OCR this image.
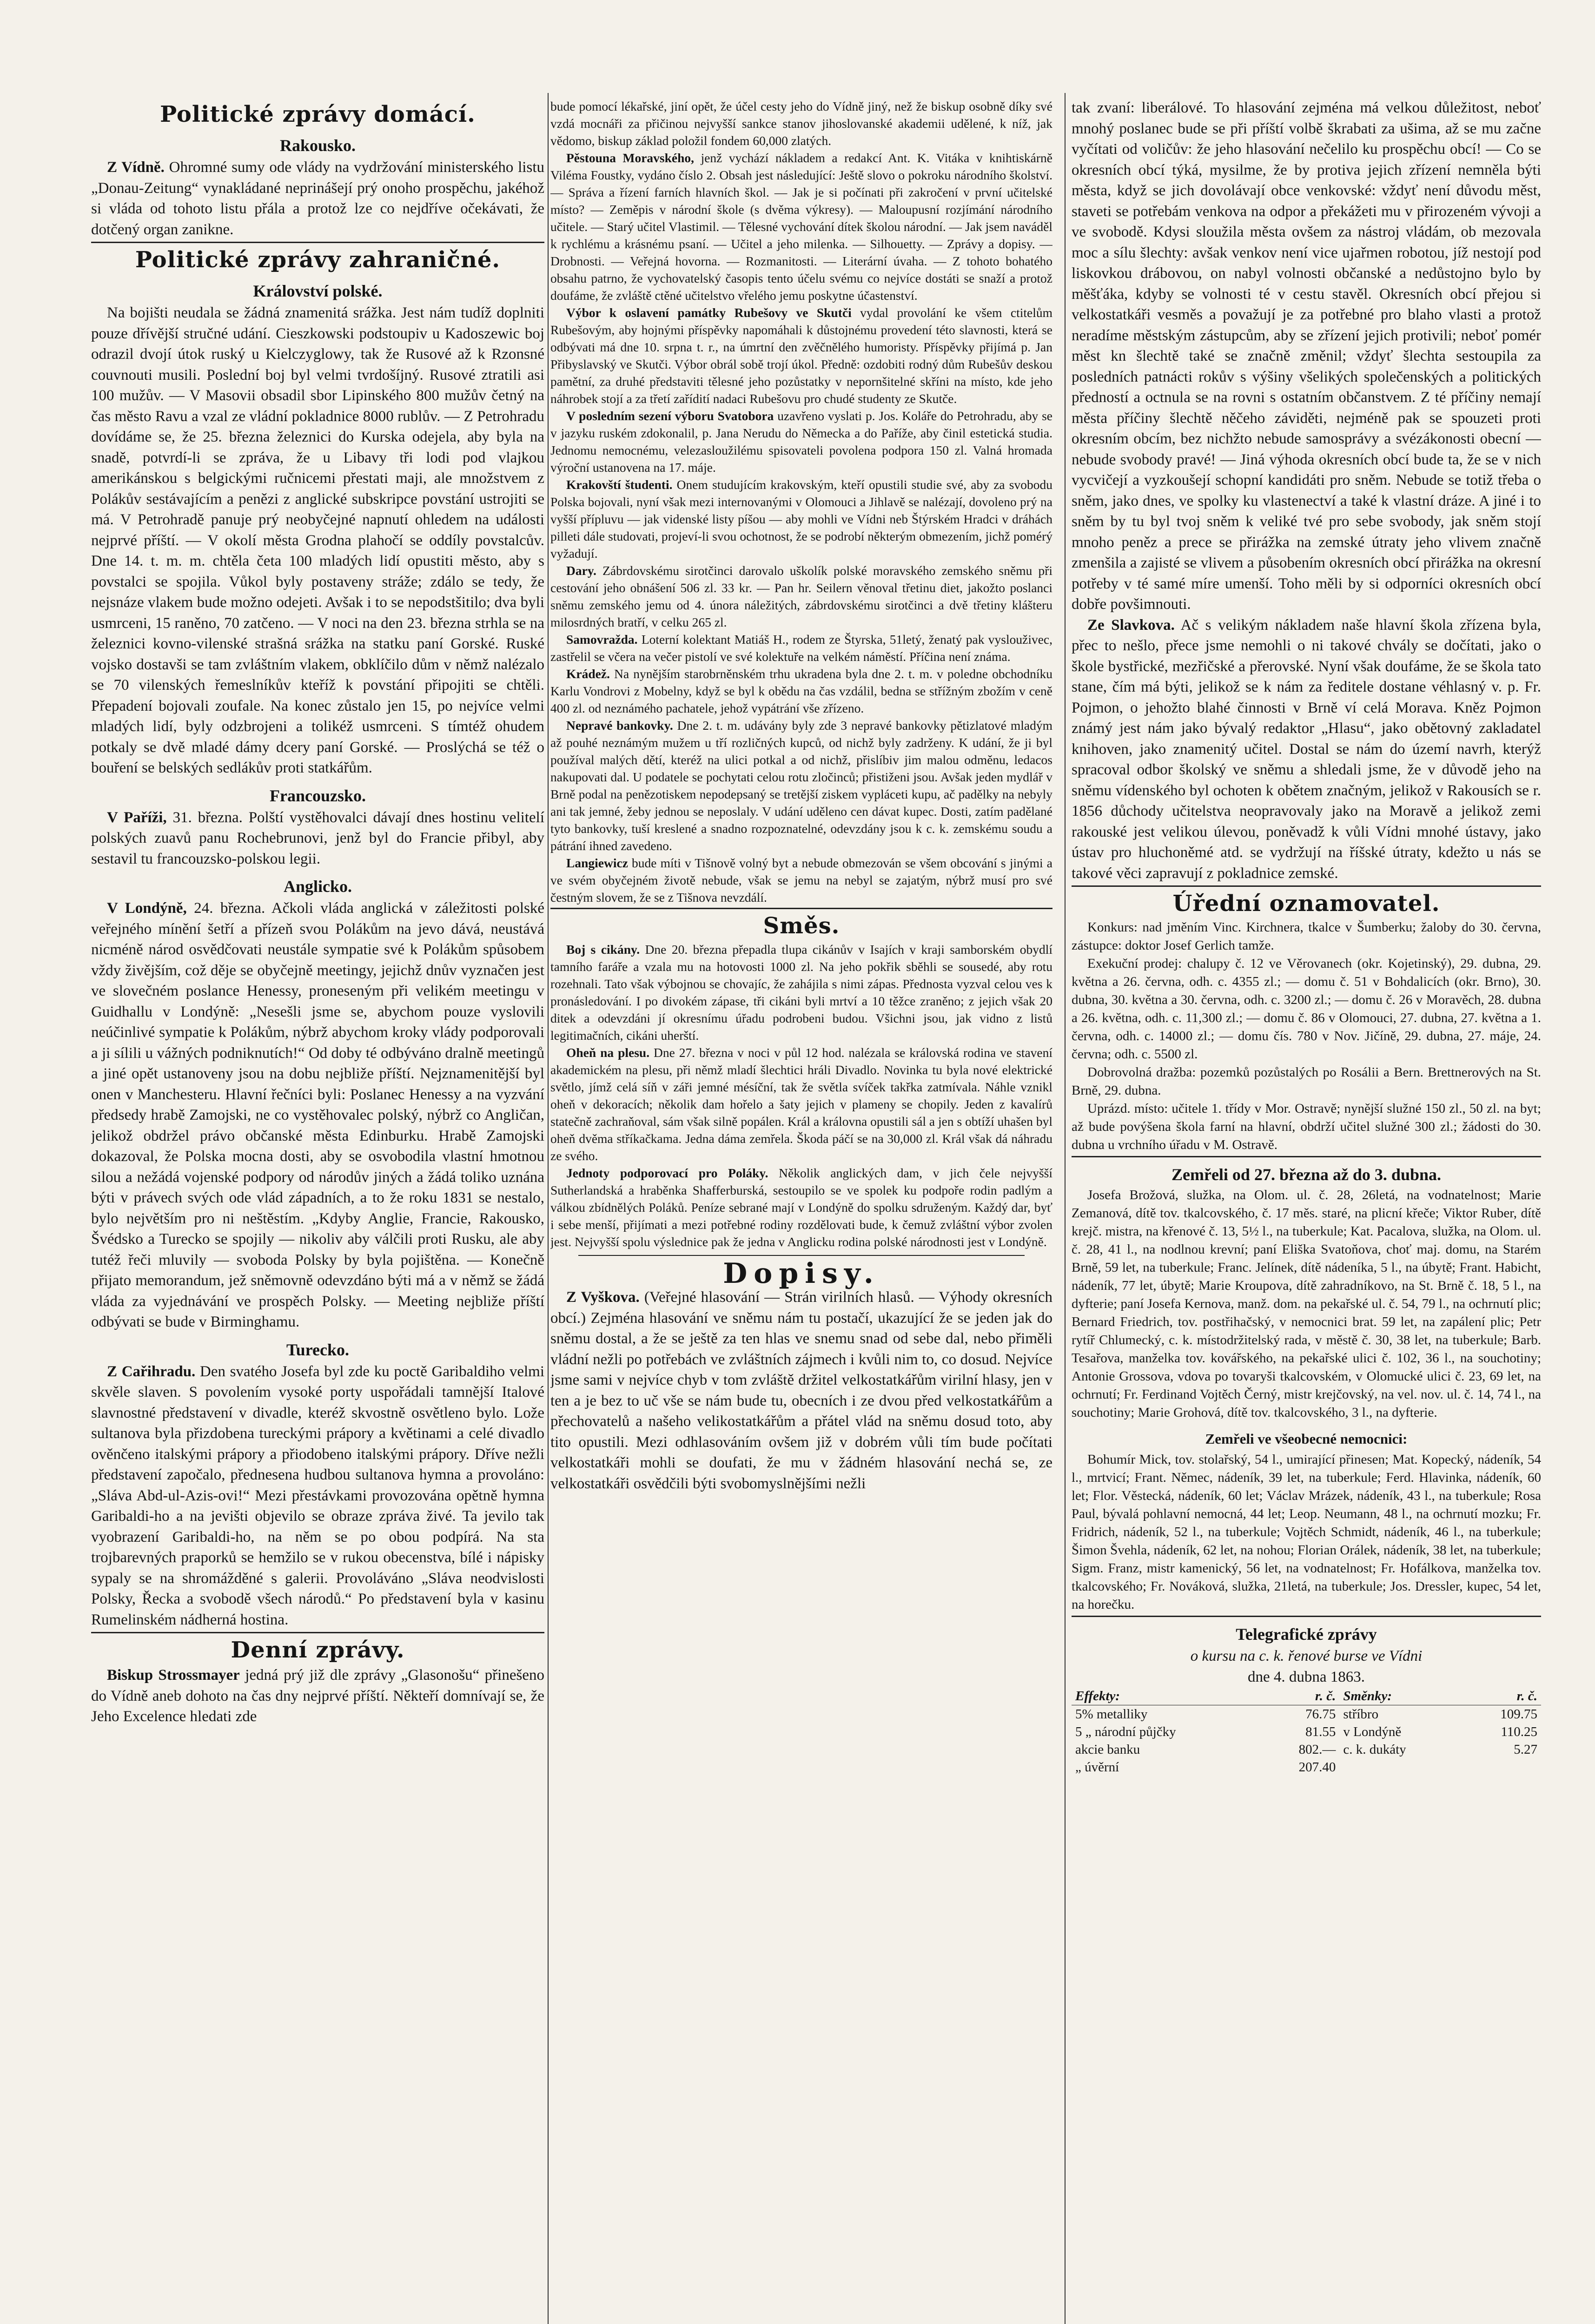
Politické zprávy domácí.
Rakousko.

Z Vídně. Ohromné sumy ode vlády na vydržování ministerského listu „Donau-Zeitung“ vynakládané neprinášejí prý onoho prospěchu, jakéhož si vláda od tohoto listu přála a protož lze co nejdříve očekávati, že dotčený organ zanikne.

Politické zprávy zahraničné.
Království polské.

Na bojišti neudala se žádná znamenitá srážka. Jest nám tudíž doplniti pouze dřívější stručné udání. Cieszkowski podstoupiv u Kadoszewic boj odrazil dvojí útok ruský u Kielczyglowy, tak že Rusové až k Rzonsné couvnouti musili. Poslední boj byl velmi tvrdošíjný. Rusové ztratili asi 100 mužův. — V Masovii obsadil sbor Lipinského 800 mužův četný na čas město Ravu a vzal ze vládní pokladnice 8000 rublův. — Z Petrohradu dovídáme se, že 25. března železnici do Kurska odejela, aby byla na snadě, potvrdí-li se zpráva, že u Libavy tři lodi pod vlajkou amerikánskou s belgickými ručnicemi přestati maji, ale množstvem z Polákův sestávajícím a penězi z anglické subskripce povstání ustrojiti se má. V Petrohradě panuje prý neobyčejné napnutí ohledem na události nejprvé příští. — V okolí města Grodna plahočí se oddíly povstalcův. Dne 14. t. m. m. chtěla četa 100 mladých lidí opustiti město, aby s povstalci se spojila. Vůkol byly postaveny stráže; zdálo se tedy, že nejsnáze vlakem bude možno odejeti. Avšak i to se nepodstšitilo; dva byli usmrceni, 15 raněno, 70 zatčeno. — V noci na den 23. března strhla se na železnici kovno-vilenské strašná srážka na statku paní Gorské. Ruské vojsko dostavši se tam zvláštním vlakem, obklíčilo dům v němž nalézalo se 70 vilenských řemeslníkův kteříž k povstání připojiti se chtěli. Přepadení bojovali zoufale. Na konec zůstalo jen 15, po nejvíce velmi mladých lidí, byly odzbrojeni a tolikéž usmrceni. S tímtéž ohudem potkaly se dvě mladé dámy dcery paní Gorské. — Proslýchá se též o bouření se belských sedlákův proti statkářům.

Francouzsko.

V Paříži, 31. března. Polští vystěhovalci dávají dnes hostinu velitelí polských zuavů panu Rochebrunovi, jenž byl do Francie přibyl, aby sestavil tu francouzsko-polskou legii.

Anglicko.

V Londýně, 24. března. Ačkoli vláda anglická v záležitosti polské veřejného mínění šetří a přízeň svou Polákům na jevo dává, neustává nicméně národ osvědčovati neustále sympatie své k Polákům spůsobem vždy živějším, což děje se obyčejně meetingy, jejichž dnův vyznačen jest ve slovečném poslance Henessy, proneseným při velikém meetingu v Guidhallu v Londýně: „Nesešli jsme se, abychom pouze vyslovili neúčinlivé sympatie k Polákům, nýbrž abychom kroky vlády podporovali a ji sílili u vážných podniknutích!“ Od doby té odbýváno dralně meetingů a jiné opět ustanoveny jsou na dobu nejbliže příští. Nejznamenitější byl onen v Manchesteru. Hlavní řečníci byli: Poslanec Henessy a na vyzvání předsedy hrabě Zamojski, ne co vystěhovalec polský, nýbrž co Angličan, jelikož obdržel právo občanské města Edinburku. Hrabě Zamojski dokazoval, že Polska mocna dosti, aby se osvobodila vlastní hmotnou silou a nežádá vojenské podpory od národův jiných a žádá toliko uznána býti v právech svých ode vlád západních, a to že roku 1831 se nestalo, bylo největším pro ni neštěstím. „Kdyby Anglie, Francie, Rakousko, Švédsko a Turecko se spojily — nikoliv aby válčili proti Rusku, ale aby tutéž řeči mluvily — svoboda Polsky by byla pojištěna. — Konečně přijato memorandum, jež sněmovně odevzdáno býti má a v němž se žádá vláda za vyjednávání ve prospěch Polsky. — Meeting nejbliže příští odbývati se bude v Birminghamu.

Turecko.

Z Cařihradu. Den svatého Josefa byl zde ku poctě Garibaldiho velmi skvěle slaven. S povolením vysoké porty uspořádali tamnější Italové slavnostné představení v divadle, kteréž skvostně osvětleno bylo. Lože sultanova byla přizdobena tureckými prápory a květinami a celé divadlo ověnčeno italskými prápory a přiodobeno italskými prápory. Dříve nežli představení započalo, přednesena hudbou sultanova hymna a provoláno: „Sláva Abd-ul-Azis-ovi!“ Mezi přestávkami provozována opětně hymna Garibaldi-ho a na jevišti objevilo se obraze zpráva živé. Ta jevilo tak vyobrazení Garibaldi-ho, na něm se po obou podpírá. Na sta trojbarevných praporků se hemžilo se v rukou obecenstva, bílé i nápisky sypaly se na shromážděné s galerii. Provoláváno „Sláva neodvislosti Polsky, Řecka a svobodě všech národů.“ Po představení byla v kasinu Rumelinském nádherná hostina.

Denní zprávy.

Biskup Strossmayer jedná prý již dle zprávy „Glasonošu“ přinešeno do Vídně aneb dohoto na čas dny nejprvé příští. Někteří domnívají se, že Jeho Excelence hledati zde

bude pomocí lékařské, jiní opět, že účel cesty jeho do Vídně jiný, než že biskup osobně díky své vzdá mocnáři za přičinou nejvyšší sankce stanov jihoslovanské akademii udělené, k níž, jak vědomo, biskup základ položil fondem 60,000 zlatých.

Pěstouna Moravského, jenž vychází nákladem a redakcí Ant. K. Vitáka v knihtiskárně Viléma Foustky, vydáno číslo 2. Obsah jest následující: Ještě slovo o pokroku národního školství. — Správa a řízení farních hlavních škol. — Jak je si počínati při zakročení v první učitelské místo? — Zeměpis v národní škole (s dvěma výkresy). — Maloupusní rozjímání národního učitele. — Starý učitel Vlastimil. — Tělesné vychování dítek školou národní. — Jak jsem naváděl k rychlému a krásnému psaní. — Učitel a jeho milenka. — Silhouetty. — Zprávy a dopisy. — Drobnosti. — Veřejná hovorna. — Rozmanitosti. — Literární úvaha. — Z tohoto bohatého obsahu patrno, že vychovatelský časopis tento účelu svému co nejvíce dostáti se snaží a protož doufáme, že zvláště ctěné učitelstvo vřelého jemu poskytne účastenství.

Výbor k oslavení památky Rubešovy ve Skutči vydal provolání ke všem ctitelům Rubešovým, aby hojnými příspěvky napomáhali k důstojnému provedení této slavnosti, která se odbývati má dne 10. srpna t. r., na úmrtní den zvěčnělého humoristy. Příspěvky přijímá p. Jan Přibyslavský ve Skutči. Výbor obrál sobě trojí úkol. Předně: ozdobiti rodný dům Rubešův deskou pamětní, za druhé představiti tělesné jeho pozůstatky v nepornšitelné skříni na místo, kde jeho náhrobek stojí a za třetí zařídití nadaci Rubešovu pro chudé studenty ze Skutče.

V posledním sezení výboru Svatobora uzavřeno vyslati p. Jos. Koláře do Petrohradu, aby se v jazyku ruském zdokonalil, p. Jana Nerudu do Německa a do Paříže, aby činil estetická studia. Jednomu nemocnému, velezasloužilému spisovateli povolena podpora 150 zl. Valná hromada výroční ustanovena na 17. máje.

Krakovští študenti. Onem studujícím krakovským, kteří opustili studie své, aby za svobodu Polska bojovali, nyní však mezi internovanými v Olomouci a Jihlavě se nalézají, dovoleno prý na vyšší přípluvu — jak videnské listy píšou — aby mohli ve Vídni neb Štýrském Hradci v dráhách pilleti dále studovati, projeví-li svou ochotnost, že se podrobí některým obmezením, jichž pomérý vyžadují.

Dary. Zábrdovskému sirotčinci darovalo uškolík polské moravského zemského sněmu při cestování jeho obnášení 506 zl. 33 kr. — Pan hr. Seilern věnoval třetinu diet, jakožto poslanci sněmu zemského jemu od 4. února náležitých, zábrdovskému sirotčinci a dvě třetiny klášteru milosrdných bratří, v celku 265 zl.

Samovražda. Loterní kolektant Matiáš H., rodem ze Štyrska, 51letý, ženatý pak vyslouživec, zastřelil se včera na večer pistolí ve své kolektuře na velkém náměstí. Příčina není známa.

Krádež. Na nynějším starobrněnském trhu ukradena byla dne 2. t. m. v poledne obchodníku Karlu Vondrovi z Mobelny, když se byl k obědu na čas vzdálil, bedna se střížným zbožím v ceně 400 zl. od neznámého pachatele, jehož vypátrání vše zřízeno.

Nepravé bankovky. Dne 2. t. m. udávány byly zde 3 nepravé bankovky pětizlatové mladým až pouhé neznámým mužem u tří rozličných kupců, od nichž byly zadrženy. K udání, že ji byl používal malých dětí, kteréž na ulici potkal a od nichž, přislíbiv jim malou odměnu, ledacos nakupovati dal. U podatele se pochytati celou rotu zločinců; přistiženi jsou. Avšak jeden mydlář v Brně podal na penězotiskem nepodepsaný se tretější ziskem vypláceti kupu, ač padělky na nebyly ani tak jemné, žeby jednou se neposlaly. V udání uděleno cen dávat kupec. Dosti, zatím padělané tyto bankovky, tuší kreslené a snadno rozpoznatelné, odevzdány jsou k c. k. zemskému soudu a pátrání ihned zavedeno.

Langiewicz bude míti v Tišnově volný byt a nebude obmezován se všem obcování s jinými a ve svém obyčejném životě nebude, však se jemu na nebyl se zajatým, nýbrž musí pro své čestným slovem, že se z Tišnova nevzdálí.

Směs.

Boj s cikány. Dne 20. března přepadla tlupa cikánův v Isajích v kraji samborském obydlí tamního faráře a vzala mu na hotovosti 1000 zl. Na jeho pokřik sběhli se sousedé, aby rotu rozehnali. Tato však výbojnou se chovajíc, že zahájila s nimi zápas. Přednosta vyzval celou ves k pronásledování. I po divokém zápase, tři cikáni byli mrtví a 10 těžce zraněno; z jejich však 20 ditek a odevzdáni jí okresnímu úřadu podrobeni budou. Všichni jsou, jak vidno z listů legitimačních, cikáni uherští.

Oheň na plesu. Dne 27. března v noci v půl 12 hod. nalézala se královská rodina ve stavení akademickém na plesu, při němž mladí šlechtici hráli Divadlo. Novinka tu byla nové elektrické světlo, jímž celá síň v záři jemné mésíční, tak že světla svíček takřka zatmívala. Náhle vznikl oheň v dekoracích; několik dam hořelo a šaty jejich v plameny se chopily. Jeden z kavalírů statečně zachraňoval, sám však silně popálen. Král a královna opustili sál a jen s obtíží uhašen byl oheň dvěma stříkačkama. Jedna dáma zemřela. Škoda páčí se na 30,000 zl. Král však dá náhradu ze svého.

Jednoty podporovací pro Poláky. Několik anglických dam, v jich čele nejvyšší Sutherlandská a hraběnka Shafferburská, sestoupilo se ve spolek ku podpoře rodin padlým a válkou zbídnělých Poláků. Peníze sebrané mají v Londýně do spolku sdruženým. Každý dar, byť i sebe menší, přijímati a mezi potřebné rodiny rozdělovati bude, k čemuž zvláštní výbor zvolen jest. Nejvyšší spolu výslednice pak že jedna v Anglicku rodina polské národnosti jest v Londýně.

Dopisy.

Z Vyškova. (Veřejné hlasování — Strán virilních hlasů. — Výhody okresních obcí.) Zejména hlasování ve sněmu nám tu postačí, ukazující že se jeden jak do sněmu dostal, a že se ještě za ten hlas ve snemu snad od sebe dal, nebo přiměli vládní nežli po potřebách ve zvláštních zájmech i kvůli nim to, co dosud. Nejvíce jsme sami v nejvíce chyb v tom zvláště držitel velkostatkářům virilní hlasy, jen v ten a je bez to uč vše se nám bude tu, obecních i ze dvou před velkostatkářům a přechovatelů a našeho velikostatkářům a přátel vlád na sněmu dosud toto, aby tito opustili. Mezi odhlasováním ovšem již v dobrém vůli tím bude počítati velkostatkáři mohli se doufati, že mu v žádném hlasování nechá se, ze velkostatkáři osvědčili býti svobomyslnějšími nežli

tak zvaní: liberálové. To hlasování zejména má velkou důležitost, neboť mnohý poslanec bude se při příští volbě škrabati za ušima, až se mu začne vyčítati od voličův: že jeho hlasování nečelilo ku prospěchu obcí! — Co se okresních obcí týká, mysilme, že by protiva jejich zřízení nemněla býti města, když se jich dovolávají obce venkovské: vždyť není důvodu měst, staveti se potřebám venkova na odpor a překážeti mu v přirozeném vývoji a ve svobodě. Kdysi sloužila města ovšem za nástroj vládám, ob mezovala moc a sílu šlechty: avšak venkov není vice ujařmen robotou, jíž nestojí pod liskovkou drábovou, on nabyl volnosti občanské a nedůstojno bylo by měšťáka, kdyby se volnosti té v cestu stavěl. Okresních obcí přejou si velkostatkáři vesměs a považují je za potřebné pro blaho vlasti a protož neradíme městským zástupcům, aby se zřízení jejich protivili; neboť pomér měst kn šlechtě také se značně změnil; vždyť šlechta sestoupila za posledních patnácti rokův s výšiny všelikých společenských a politických předností a octnula se na rovni s ostatním občanstvem. Z té příčiny nemají města příčiny šlechtě něčeho záviděti, nejméně pak se spouzeti proti okresním obcím, bez nichžto nebude samosprávy a svézákonosti obecní — nebude svobody pravé! — Jiná výhoda okresních obcí bude ta, že se v nich vycvičejí a vyzkoušejí schopní kandidáti pro sněm. Nebude se totiž třeba o sněm, jako dnes, ve spolky ku vlastenectví a také k vlastní dráze. A jiné i to sněm by tu byl tvoj sněm k veliké tvé pro sebe svobody, jak sněm stojí mnoho peněz a prece se přirážka na zemské útraty jeho vlivem značně zmenšila a zajisté se vlivem a působením okresních obcí přirážka na okresní potřeby v té samé míre umenší. Toho měli by si odporníci okresních obcí dobře povšimnouti.

Ze Slavkova. Ač s velikým nákladem naše hlavní škola zřízena byla, přec to nešlo, přece jsme nemohli o ni takové chvály se dočítati, jako o škole bystřické, mezřičské a přerovské. Nyní však doufáme, že se škola tato stane, čím má býti, jelikož se k nám za ředitele dostane véhlasný v. p. Fr. Pojmon, o jehožto blahé činnosti v Brně ví celá Morava. Kněz Pojmon známý jest nám jako bývalý redaktor „Hlasu“, jako obětovný zakladatel knihoven, jako znamenitý učitel. Dostal se nám do území navrh, kterýž spracoval odbor školský ve sněmu a shledali jsme, že v důvodě jeho na sněmu vídenského byl ochoten k obětem značným, jelikož v Rakousích se r. 1856 důchody učitelstva neopravovaly jako na Moravě a jelikož zemi rakouské jest velikou úlevou, poněvadž k vůli Vídni mnohé ústavy, jako ústav pro hluchoněmé atd. se vydržují na říšské útraty, kdežto u nás se takové věci zapravují z pokladnice zemské.

Úřední oznamovatel.

Konkurs: nad jměním Vinc. Kirchnera, tkalce v Šumberku; žaloby do 30. června, zástupce: doktor Josef Gerlich tamže.

Exekuční prodej: chalupy č. 12 ve Věrovanech (okr. Kojetinský), 29. dubna, 29. května a 26. června, odh. c. 4355 zl.; — domu č. 51 v Bohdalicích (okr. Brno), 30. dubna, 30. května a 30. června, odh. c. 3200 zl.; — domu č. 26 v Moravěch, 28. dubna a 26. května, odh. c. 11,300 zl.; — domu č. 86 v Olomouci, 27. dubna, 27. května a 1. června, odh. c. 14000 zl.; — domu čís. 780 v Nov. Jičíně, 29. dubna, 27. máje, 24. června; odh. c. 5500 zl.

Dobrovolná dražba: pozemků pozůstalých po Rosálii a Bern. Brettnerových na St. Brně, 29. dubna.

Uprázd. místo: učitele 1. třídy v Mor. Ostravě; nynější služné 150 zl., 50 zl. na byt; až bude povýšena škola farní na hlavní, obdrží učitel služné 300 zl.; žádosti do 30. dubna u vrchního úřadu v M. Ostravě.

Zemřeli od 27. března až do 3. dubna.

Josefa Brožová, služka, na Olom. ul. č. 28, 26letá, na vodnatelnost; Marie Zemanová, dítě tov. tkalcovského, č. 17 měs. staré, na plicní křeče; Viktor Ruber, dítě krejč. mistra, na křenové č. 13, 5½ l., na tuberkule; Kat. Pacalova, služka, na Olom. ul. č. 28, 41 l., na nodlnou krevní; paní Eliška Svatoňova, choť maj. domu, na Starém Brně, 59 let, na tuberkule; Franc. Jelínek, dítě nádeníka, 5 l., na úbytě; Frant. Habicht, nádeník, 77 let, úbytě; Marie Kroupova, dítě zahradníkovo, na St. Brně č. 18, 5 l., na dyfterie; paní Josefa Kernova, manž. dom. na pekařské ul. č. 54, 79 l., na ochrnutí plic; Bernard Friedrich, tov. postřihačský, v nemocnici brat. 59 let, na zapálení plic; Petr rytíř Chlumecký, c. k. místodržitelský rada, v městě č. 30, 38 let, na tuberkule; Barb. Tesařova, manželka tov. kovářského, na pekařské ulici č. 102, 36 l., na souchotiny; Antonie Grossova, vdova po tovaryši tkalcovském, v Olomucké ulici č. 23, 69 let, na ochrnutí; Fr. Ferdinand Vojtěch Černý, mistr krejčovský, na vel. nov. ul. č. 14, 74 l., na souchotiny; Marie Grohová, dítě tov. tkalcovského, 3 l., na dyfterie.

Zemřeli ve všeobecné nemocnici:

Bohumír Mick, tov. stolařský, 54 l., umirající přinesen; Mat. Kopecký, nádeník, 54 l., mrtvicí; Frant. Němec, nádeník, 39 let, na tuberkule; Ferd. Hlavinka, nádeník, 60 let; Flor. Věstecká, nádeník, 60 let; Václav Mrázek, nádeník, 43 l., na tuberkule; Rosa Paul, bývalá pohlavní nemocná, 44 let; Leop. Neumann, 48 l., na ochrnutí mozku; Fr. Fridrich, nádeník, 52 l., na tuberkule; Vojtěch Schmidt, nádeník, 46 l., na tuberkule; Šimon Švehla, nádeník, 62 let, na nohou; Florian Orálek, nádeník, 38 let, na tuberkule; Sigm. Franz, mistr kamenický, 56 let, na vodnatelnost; Fr. Hofálkova, manželka tov. tkalcovského; Fr. Nováková, služka, 21letá, na tuberkule; Jos. Dressler, kupec, 54 let, na horečku.

Telegrafické zprávy
o kursu na c. k. řenové burse ve Vídni
dne 4. dubna 1863.
Effekty:	r. č.	Směnky:	r. č.
5% metalliky	76.75	stříbro	109.75
5 „ národní půjčky	81.55	v Londýně	110.25
akcie banku	802.—	c. k. dukáty	5.27
„ úvěrní	207.40		
